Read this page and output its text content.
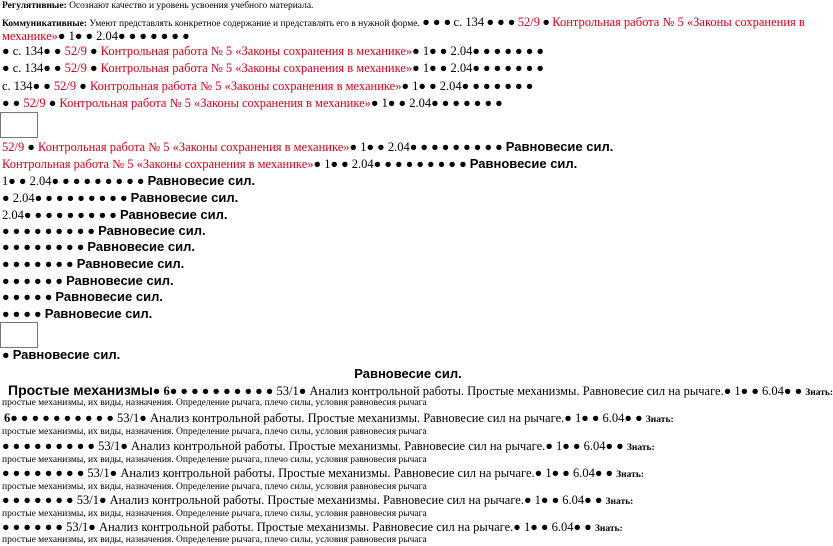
Регулятивные: Осознают качество и уровень усвоения учебного материала.
Коммуникативные: Умеют представлять конкретное содержание и представлять его в нужной форме. ● ● ● с. 134 ● ● ● 52/9 ● Контрольная работа № 5 «Законы сохранения в
механике»● 1● ● 2.04● ● ● ● ● ● ●
● с. 134● ● 52/9 ● Контрольная работа № 5 «Законы сохранения в механике»● 1● ● 2.04● ● ● ● ● ● ●
● с. 134● ● 52/9 ● Контрольная работа № 5 «Законы сохранения в механике»● 1● ● 2.04● ● ● ● ● ● ●
с. 134● ● 52/9 ● Контрольная работа № 5 «Законы сохранения в механике»● 1● ● 2.04● ● ● ● ● ● ●
● ● 52/9 ● Контрольная работа № 5 «Законы сохранения в механике»● 1● ● 2.04● ● ● ● ● ● ●
52/9 ● Контрольная работа № 5 «Законы сохранения в механике»● 1● ● 2.04● ● ● ● ● ● ● ● ● Равновесие сил.
Контрольная работа № 5 «Законы сохранения в механике»● 1● ● 2.04● ● ● ● ● ● ● ● ● Равновесие сил.
1● ● 2.04● ● ● ● ● ● ● ● ● Равновесие сил.
● 2.04● ● ● ● ● ● ● ● ● Равновесие сил.
2.04● ● ● ● ● ● ● ● ● Равновесие сил.
● ● ● ● ● ● ● ● ● Равновесие сил.
● ● ● ● ● ● ● ● Равновесие сил.
● ● ● ● ● ● ● Равновесие сил.
● ● ● ● ● ● Равновесие сил.
● ● ● ● ● Равновесие сил.
● ● ● ● Равновесие сил.
● Равновесие сил.
Равновесие сил.
Простые механизмы● 6● ● ● ● ● ● ● ● ● ● 53/1● Анализ контрольной работы. Простые механизмы. Равновесие сил на рычаге.● 1● ● 6.04● ● Знать:
простые механизмы, их виды, назначения. Определение рычага, плечо силы, условия равновесия рычага
6● ● ● ● ● ● ● ● ● ● 53/1● Анализ контрольной работы. Простые механизмы. Равновесие сил на рычаге.● 1● ● 6.04● ● Знать:
простые механизмы, их виды, назначения. Определение рычага, плечо силы, условия равновесия рычага
● ● ● ● ● ● ● ● ● 53/1● Анализ контрольной работы. Простые механизмы. Равновесие сил на рычаге.● 1● ● 6.04● ● Знать:
простые механизмы, их виды, назначения. Определение рычага, плечо силы, условия равновесия рычага
● ● ● ● ● ● ● ● 53/1● Анализ контрольной работы. Простые механизмы. Равновесие сил на рычаге.● 1● ● 6.04● ● Знать:
простые механизмы, их виды, назначения. Определение рычага, плечо силы, условия равновесия рычага
● ● ● ● ● ● ● 53/1● Анализ контрольной работы. Простые механизмы. Равновесие сил на рычаге.● 1● ● 6.04● ● Знать:
простые механизмы, их виды, назначения. Определение рычага, плечо силы, условия равновесия рычага
● ● ● ● ● ● 53/1● Анализ контрольной работы. Простые механизмы. Равновесие сил на рычаге.● 1● ● 6.04● ● Знать:
простые механизмы, их виды, назначения. Определение рычага, плечо силы, условия равновесия рычага
